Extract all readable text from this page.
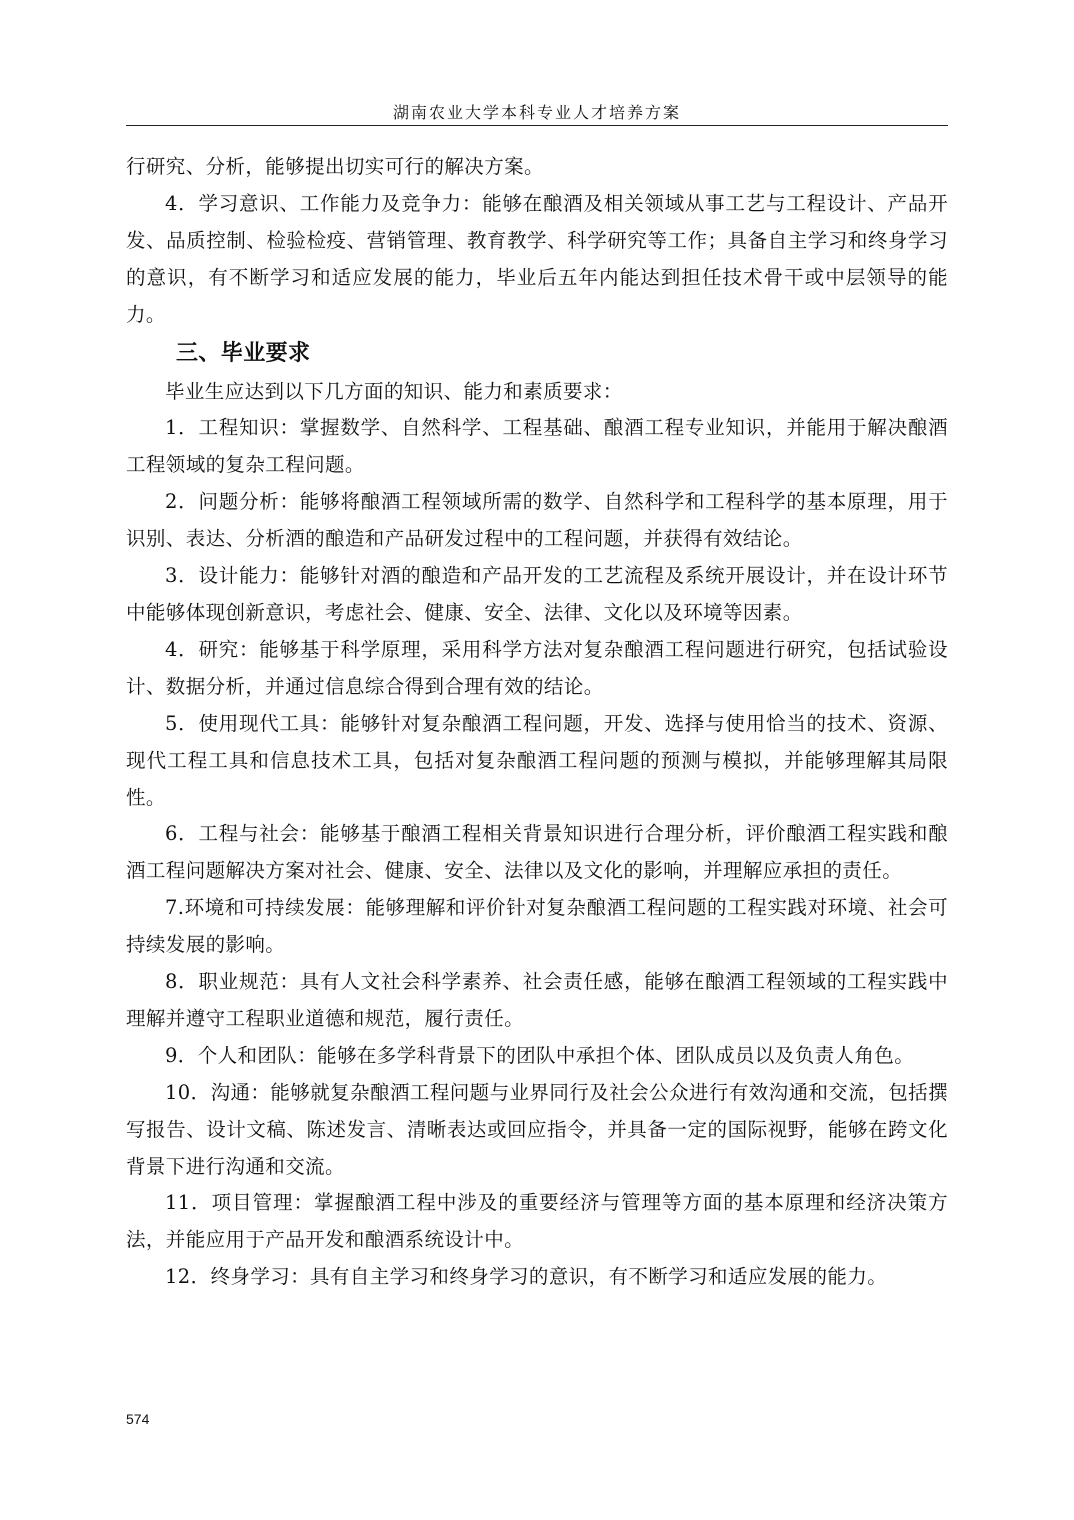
湖南农业大学本科专业人才培养方案

行研究、分析，能够提出切实可行的解决方案。

4．学习意识、工作能力及竞争力：能够在酿酒及相关领域从事工艺与工程设计、产品开发、品质控制、检验检疫、营销管理、教育教学、科学研究等工作；具备自主学习和终身学习的意识，有不断学习和适应发展的能力，毕业后五年内能达到担任技术骨干或中层领导的能力。

三、毕业要求

毕业生应达到以下几方面的知识、能力和素质要求：

1．工程知识：掌握数学、自然科学、工程基础、酿酒工程专业知识，并能用于解决酿酒工程领域的复杂工程问题。

2．问题分析：能够将酿酒工程领域所需的数学、自然科学和工程科学的基本原理，用于识别、表达、分析酒的酿造和产品研发过程中的工程问题，并获得有效结论。

3．设计能力：能够针对酒的酿造和产品开发的工艺流程及系统开展设计，并在设计环节中能够体现创新意识，考虑社会、健康、安全、法律、文化以及环境等因素。

4．研究：能够基于科学原理，采用科学方法对复杂酿酒工程问题进行研究，包括试验设计、数据分析，并通过信息综合得到合理有效的结论。

5．使用现代工具：能够针对复杂酿酒工程问题，开发、选择与使用恰当的技术、资源、现代工程工具和信息技术工具，包括对复杂酿酒工程问题的预测与模拟，并能够理解其局限性。

6．工程与社会：能够基于酿酒工程相关背景知识进行合理分析，评价酿酒工程实践和酿酒工程问题解决方案对社会、健康、安全、法律以及文化的影响，并理解应承担的责任。

7.环境和可持续发展：能够理解和评价针对复杂酿酒工程问题的工程实践对环境、社会可持续发展的影响。

8．职业规范：具有人文社会科学素养、社会责任感，能够在酿酒工程领域的工程实践中理解并遵守工程职业道德和规范，履行责任。

9．个人和团队：能够在多学科背景下的团队中承担个体、团队成员以及负责人角色。

10．沟通：能够就复杂酿酒工程问题与业界同行及社会公众进行有效沟通和交流，包括撰写报告、设计文稿、陈述发言、清晰表达或回应指令，并具备一定的国际视野，能够在跨文化背景下进行沟通和交流。

11．项目管理：掌握酿酒工程中涉及的重要经济与管理等方面的基本原理和经济决策方法，并能应用于产品开发和酿酒系统设计中。

12．终身学习：具有自主学习和终身学习的意识，有不断学习和适应发展的能力。

574
